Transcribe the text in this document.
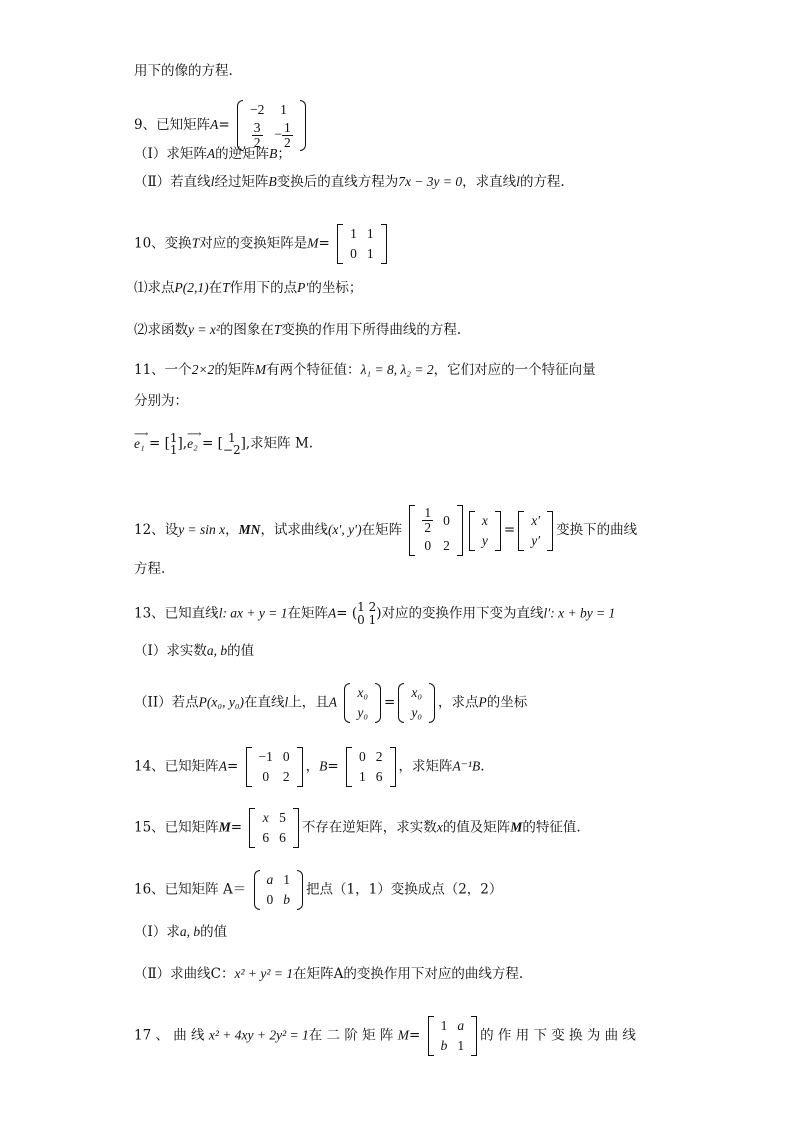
用下的像的方程.
9、已知矩阵A=
−2	1

$\frac{3}{2}$	− $\frac{1}{2}$
（Ⅰ）求矩阵A的逆矩阵B；
（Ⅱ）若直线l经过矩阵B变换后的直线方程为7x − 3y = 0，求直线l的方程.
10、变换T对应的变换矩阵是M=
1	1
0	1
⑴求点P(2,1)在T作用下的点P′的坐标；
⑵求函数y = x²的图象在T变换的作用下所得曲线的方程.
11、一个2×2的矩阵M有两个特征值：λ₁ = 8, λ₂ = 2，它们对应的一个特征向量
分别为：
⟶
e₁ = [ 1
1 ],
⟶
e₂ = [ 1
−2 ],求矩阵 M.
12、设y = sin x，MN，试求曲线(x′, y′)在矩阵 $\frac{1}{2}$	0
0	2
x
y
=
x′
y′
变换下的曲线
方程.
13、已知直线l: ax + y = 1在矩阵A= ( 1 2
0 1 )对应的变换作用下变为直线l′: x + by = 1
（I）求实数a, b的值
（II）若点P(x₀, y₀)在直线l上，且A
x₀
y₀
=
x₀
y₀
，求点P的坐标
14、已知矩阵A=
−1	0
0	2
，B=
0	2
1	6
，求矩阵A⁻¹B.
15、已知矩阵M=
x	5
6	6
不存在逆矩阵，求实数x的值及矩阵M的特征值.
16、已知矩阵 A＝
a	1
0	b
把点（1，1）变换成点（2，2）
（Ⅰ）求a, b的值
（Ⅱ）求曲线C：x² + y² = 1在矩阵A的变换作用下对应的曲线方程.
17 、 曲 线 x² + 4xy + 2y² = 1在 二 阶 矩 阵 M=
1	a
b	1
的 作 用 下 变 换 为 曲 线
